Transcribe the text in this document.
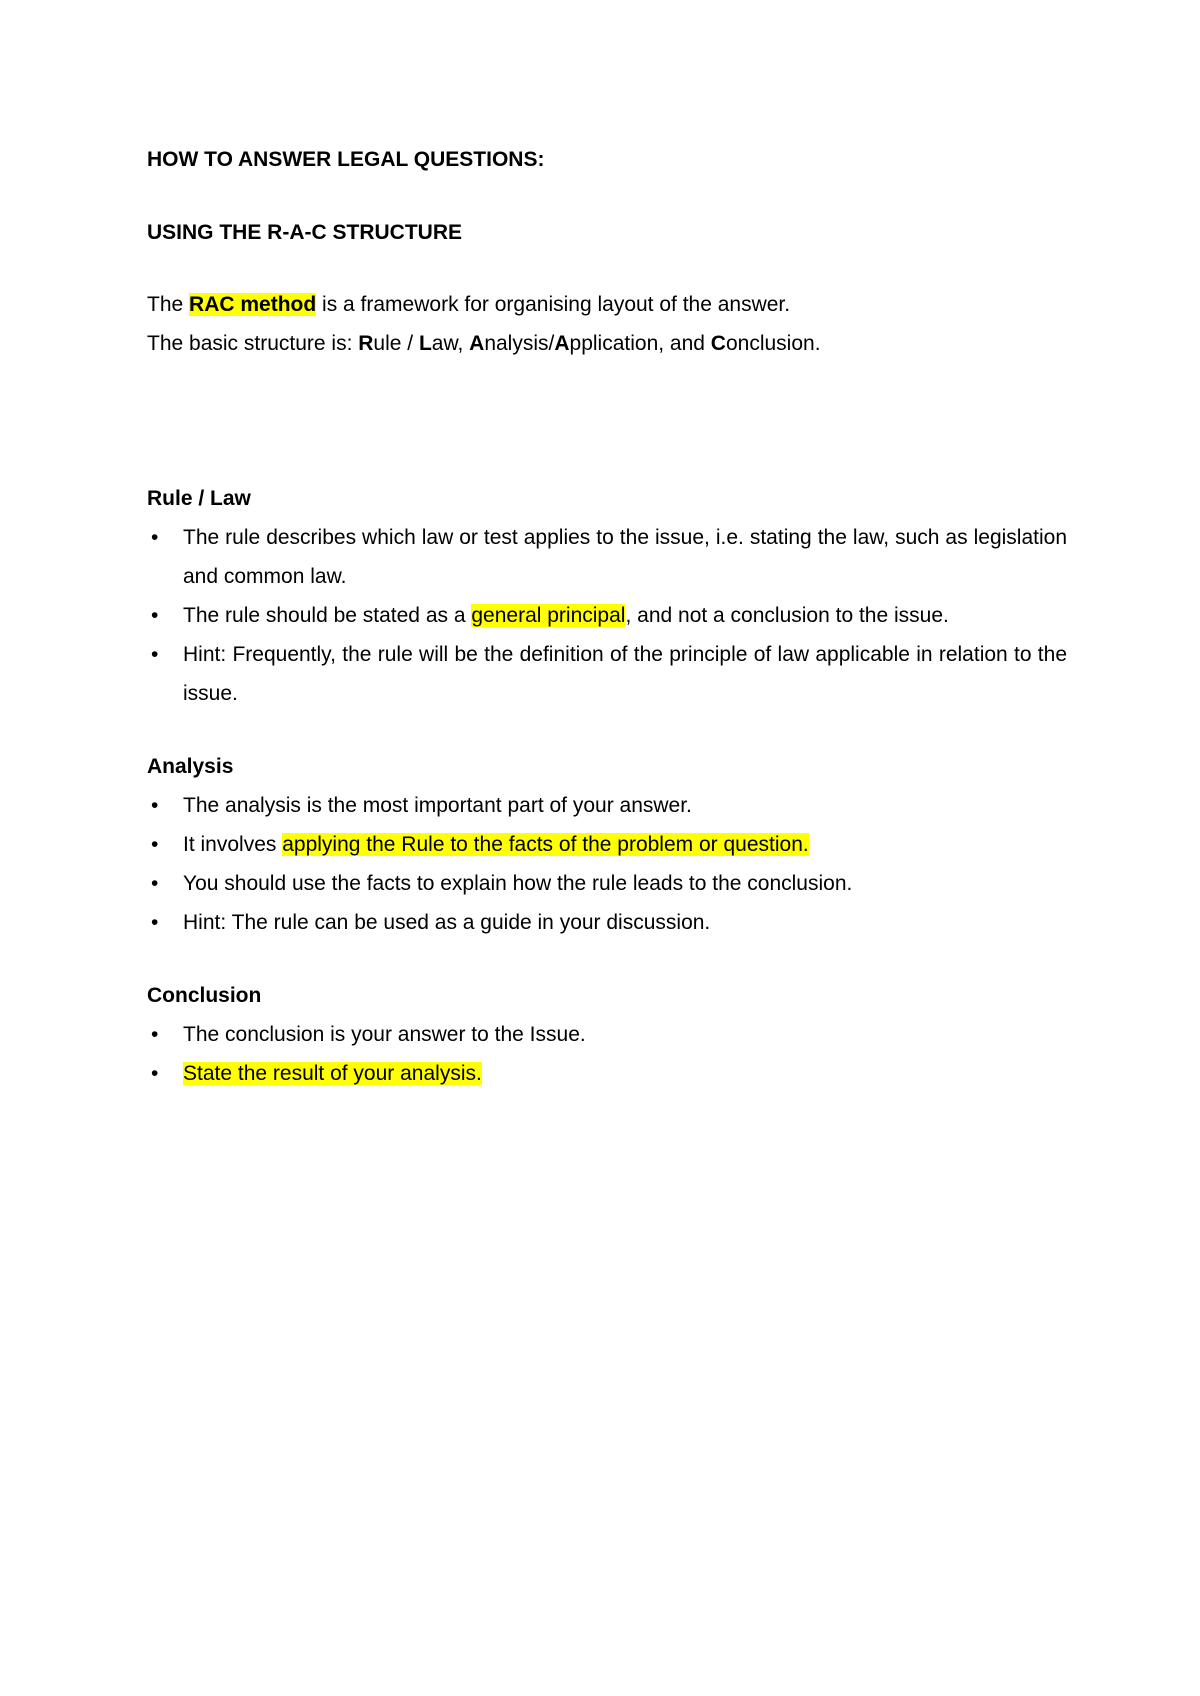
HOW TO ANSWER LEGAL QUESTIONS:
USING THE R-A-C STRUCTURE
The RAC method is a framework for organising layout of the answer.
The basic structure is: Rule / Law, Analysis/Application, and Conclusion.
Rule / Law
• The rule describes which law or test applies to the issue, i.e. stating the law, such as legislation and common law.
• The rule should be stated as a general principal, and not a conclusion to the issue.
• Hint: Frequently, the rule will be the definition of the principle of law applicable in relation to the issue.
Analysis
• The analysis is the most important part of your answer.
• It involves applying the Rule to the facts of the problem or question.
• You should use the facts to explain how the rule leads to the conclusion.
• Hint: The rule can be used as a guide in your discussion.
Conclusion
• The conclusion is your answer to the Issue.
• State the result of your analysis.
